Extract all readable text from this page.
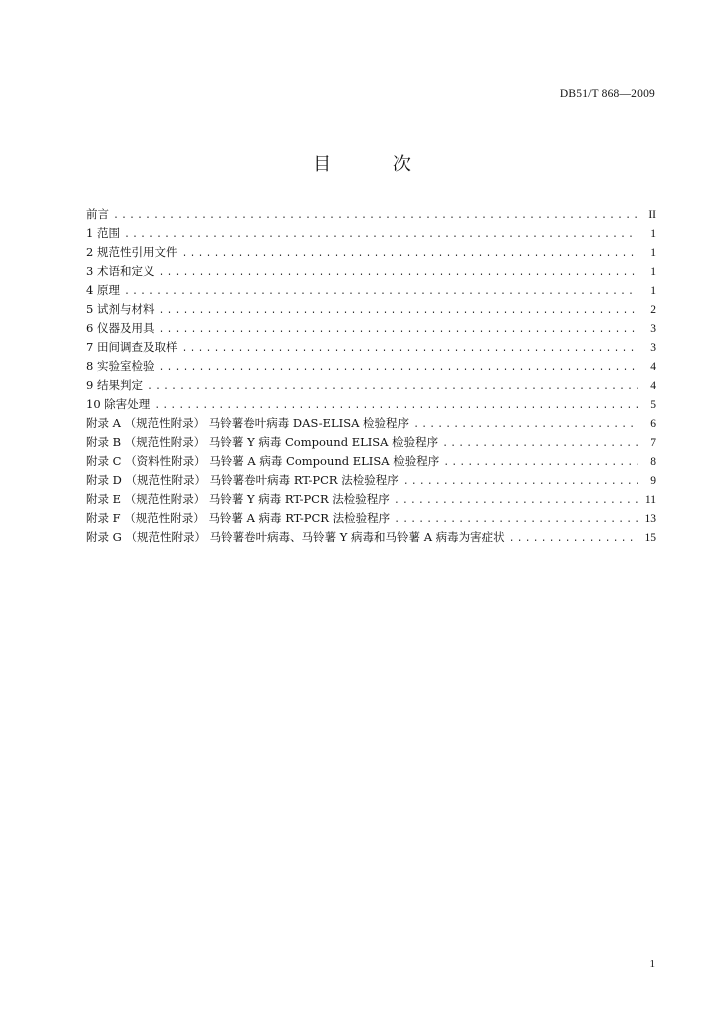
DB51/T 868—2009
目 次
前言 .....	II
1 范围 .....	1
2 规范性引用文件 .....	1
3 术语和定义 .....	1
4 原理 .....	1
5 试剂与材料 .....	2
6 仪器及用具 .....	3
7 田间调查及取样 .....	3
8 实验室检验 .....	4
9 结果判定 .....	4
10 除害处理 .....	5
附录 A （规范性附录） 马铃薯卷叶病毒 DAS-ELISA 检验程序 .....	6
附录 B （规范性附录） 马铃薯 Y 病毒 Compound ELISA 检验程序 .....	7
附录 C （资料性附录） 马铃薯 A 病毒 Compound ELISA 检验程序 .....	8
附录 D （规范性附录） 马铃薯卷叶病毒 RT-PCR 法检验程序 .....	9
附录 E （规范性附录） 马铃薯 Y 病毒 RT-PCR 法检验程序 .....	11
附录 F （规范性附录） 马铃薯 A 病毒 RT-PCR 法检验程序 .....	13
附录 G （规范性附录） 马铃薯卷叶病毒、马铃薯 Y 病毒和马铃薯 A 病毒为害症状 .....	15
1
